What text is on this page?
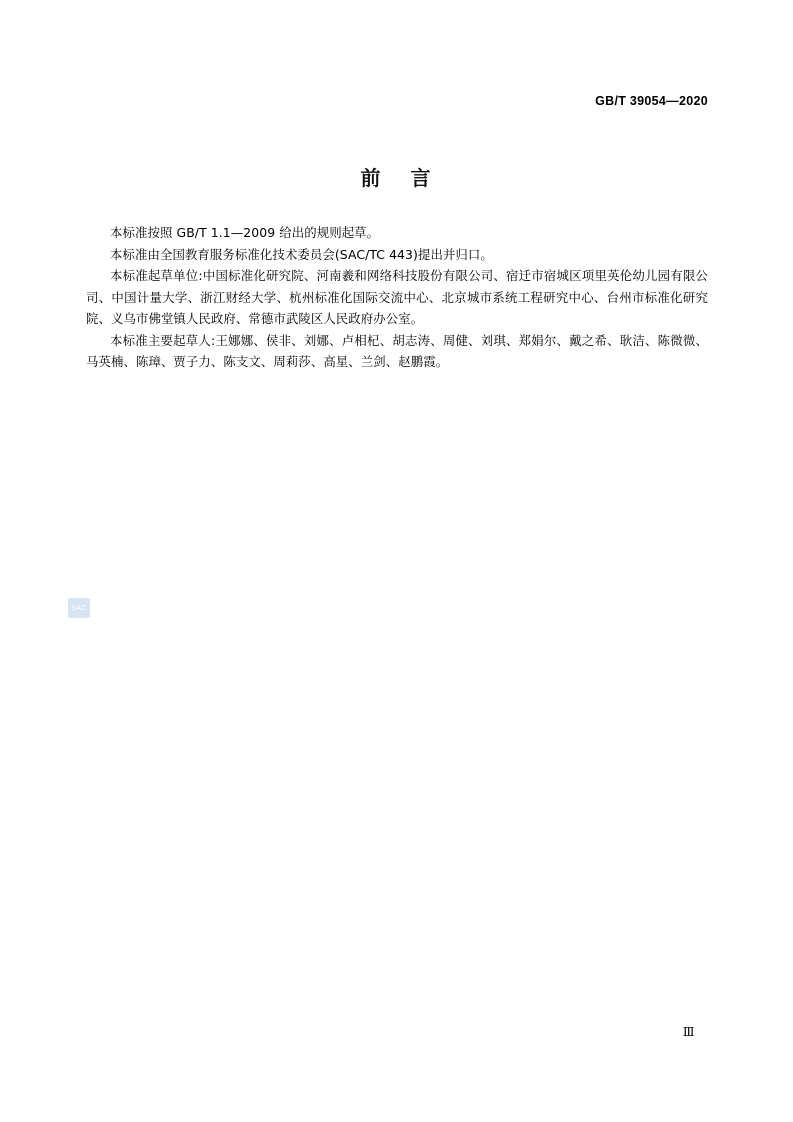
GB/T 39054—2020
前 言

本标准按照 GB/T 1.1—2009 给出的规则起草。

本标准由全国教育服务标准化技术委员会(SAC/TC 443)提出并归口。

本标准起草单位:中国标准化研究院、河南羲和网络科技股份有限公司、宿迁市宿城区项里英伦幼儿园有限公司、中国计量大学、浙江财经大学、杭州标准化国际交流中心、北京城市系统工程研究中心、台州市标准化研究院、义乌市佛堂镇人民政府、常德市武陵区人民政府办公室。

本标准主要起草人:王娜娜、侯非、刘娜、卢相杞、胡志涛、周健、刘琪、郑娟尔、戴之希、耿洁、陈微微、马英楠、陈璋、贾子力、陈支文、周莉莎、高星、兰剑、赵鹏霞。

SAC
Ⅲ
